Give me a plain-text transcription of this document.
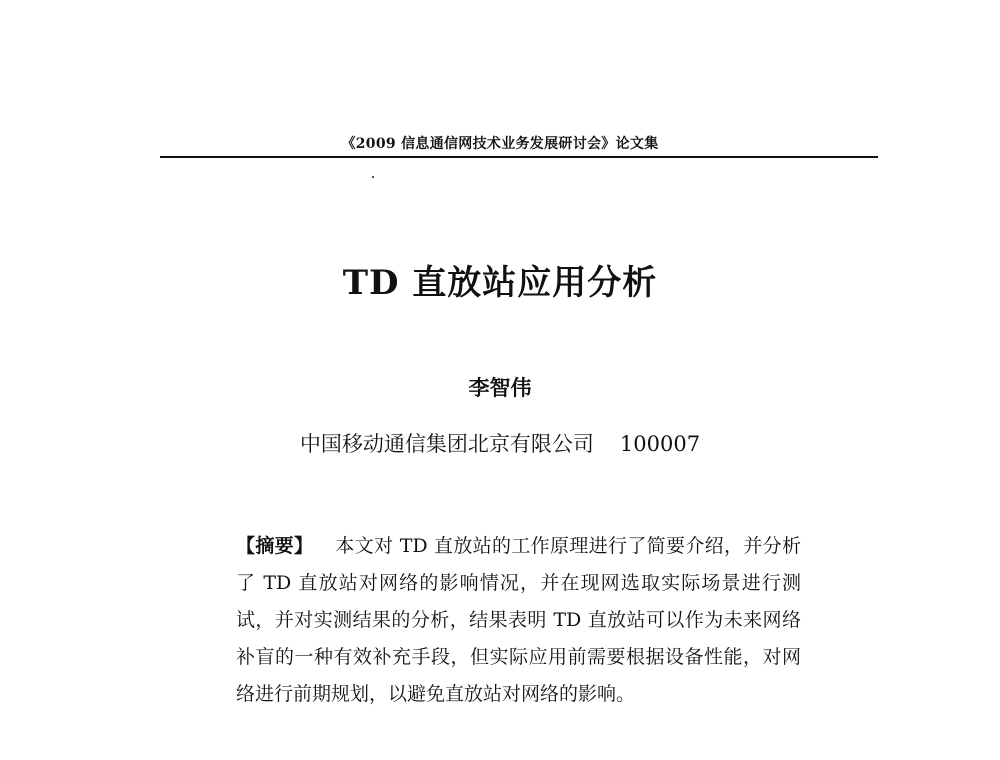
《2009 信息通信网技术业务发展研讨会》论文集
TD 直放站应用分析
李智伟
中国移动通信集团北京有限公司 100007
【摘要】 本文对 TD 直放站的工作原理进行了简要介绍，并分析了 TD 直放站对网络的影响情况，并在现网选取实际场景进行测试，并对实测结果的分析，结果表明 TD 直放站可以作为未来网络补盲的一种有效补充手段，但实际应用前需要根据设备性能，对网络进行前期规划，以避免直放站对网络的影响。
